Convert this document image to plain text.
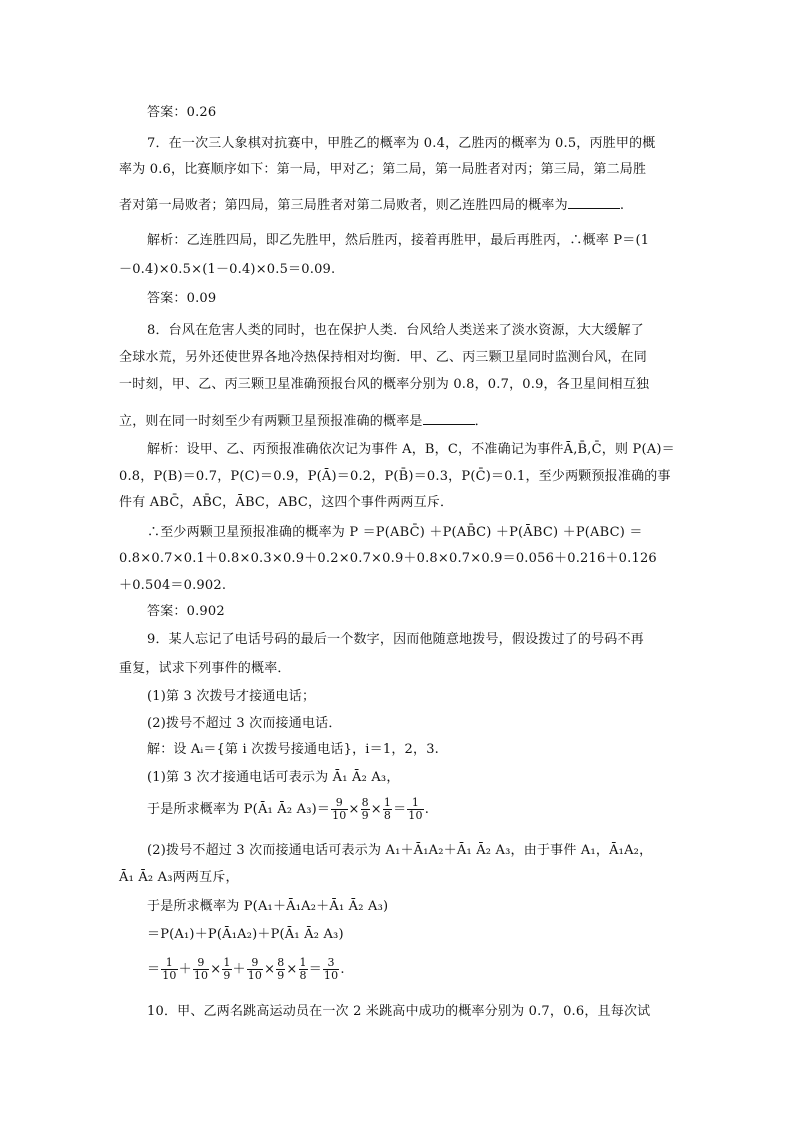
答案：0.26
7．在一次三人象棋对抗赛中，甲胜乙的概率为 0.4，乙胜丙的概率为 0.5，丙胜甲的概
率为 0.6，比赛顺序如下：第一局，甲对乙；第二局，第一局胜者对丙；第三局，第二局胜
者对第一局败者；第四局，第三局胜者对第二局败者，则乙连胜四局的概率为	.
解析：乙连胜四局，即乙先胜甲，然后胜丙，接着再胜甲，最后再胜丙，∴概率 P＝(1
－0.4)×0.5×(1－0.4)×0.5＝0.09.
答案：0.09
8．台风在危害人类的同时，也在保护人类．台风给人类送来了淡水资源，大大缓解了
全球水荒，另外还使世界各地冷热保持相对均衡．甲、乙、丙三颗卫星同时监测台风，在同
一时刻，甲、乙、丙三颗卫星准确预报台风的概率分别为 0.8，0.7，0.9，各卫星间相互独
立，则在同一时刻至少有两颗卫星预报准确的概率是	．
解析：设甲、乙、丙预报准确依次记为事件 A，B，C，不准确记为事件Ā,B̄,C̄，则 P(A)＝
0.8，P(B)＝0.7，P(C)＝0.9，P(Ā)＝0.2，P(B̄)＝0.3，P(C̄)＝0.1，至少两颗预报准确的事
件有 ABC̄，AB̄C，ĀBC，ABC，这四个事件两两互斥．
∴至少两颗卫星预报准确的概率为 P ＝P(ABC̄) ＋P(AB̄C) ＋P(ĀBC) ＋P(ABC) ＝
0.8×0.7×0.1＋0.8×0.3×0.9＋0.2×0.7×0.9＋0.8×0.7×0.9＝0.056＋0.216＋0.126
＋0.504＝0.902.
答案：0.902
9．某人忘记了电话号码的最后一个数字，因而他随意地拨号，假设拨过了的号码不再
重复，试求下列事件的概率．
(1)第 3 次拨号才接通电话；
(2)拨号不超过 3 次而接通电话．
解：设 Aᵢ＝{第 i 次拨号接通电话}，i＝1，2，3.
(1)第 3 次才接通电话可表示为 Ā₁ Ā₂ A₃，
于是所求概率为 P(Ā₁ Ā₂ $A_3)= \frac{9}{10} \times \frac{8}{9} \times \frac{1}{8} = \frac{1}{10}$ .
(2)拨号不超过 3 次而接通电话可表示为 A₁＋Ā₁A₂＋Ā₁ Ā₂ A₃，由于事件 A₁，Ā₁A₂，
Ā₁ Ā₂ A₃两两互斥，
于是所求概率为 P(A₁＋Ā₁A₂＋Ā₁ Ā₂ A₃)
＝P(A₁)＋P(Ā₁A₂)＋P(Ā₁ Ā₂ A₃)
＝ $\frac{1}{10} + \frac{9}{10} \times \frac{1}{9} + \frac{9}{10} \times \frac{8}{9} \times \frac{1}{8} = \frac{3}{10}$ .
10．甲、乙两名跳高运动员在一次 2 米跳高中成功的概率分别为 0.7，0.6，且每次试
